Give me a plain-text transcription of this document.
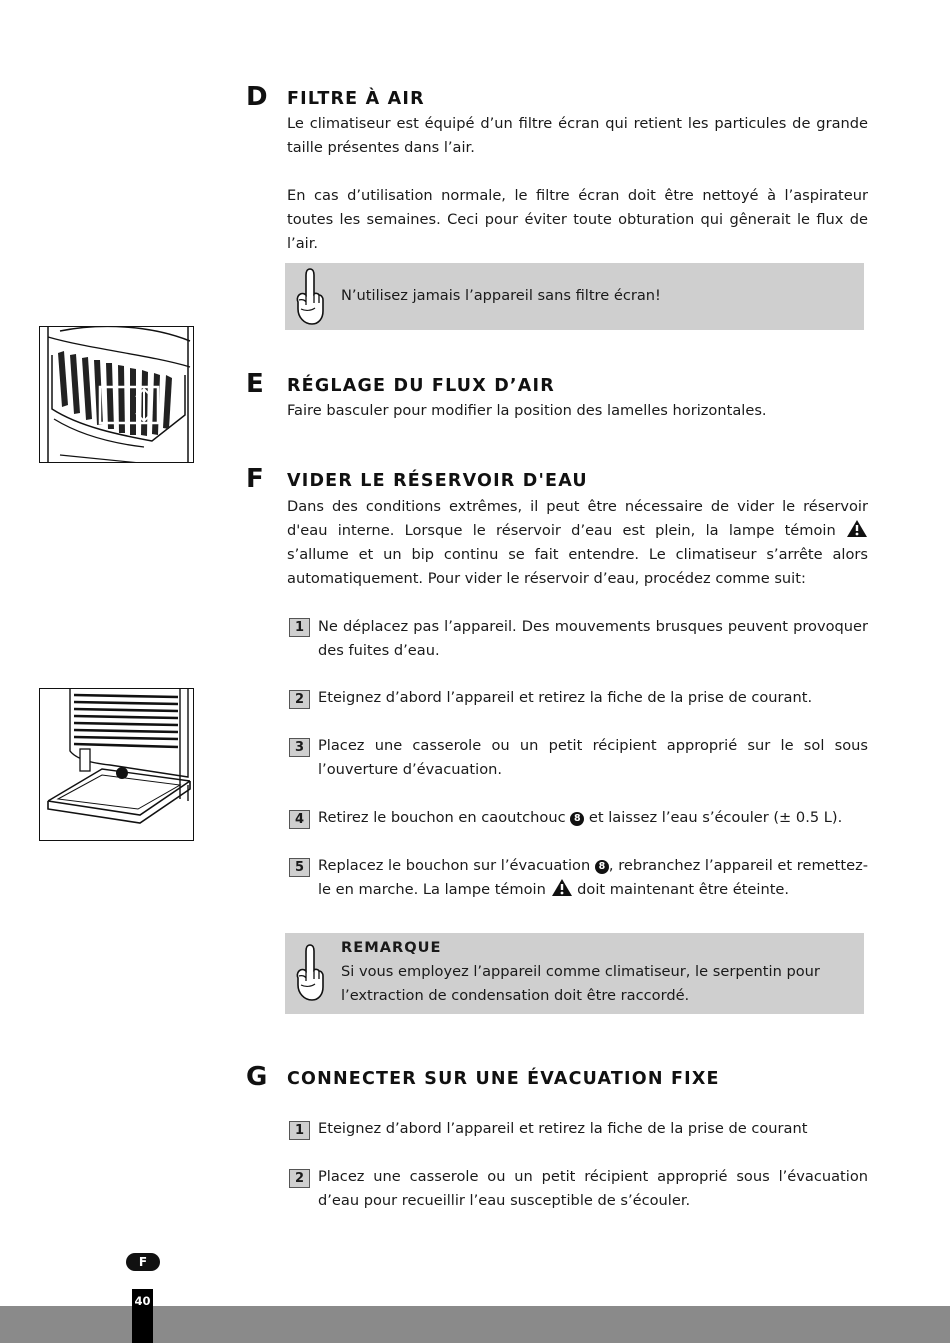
D FILTRE À AIR

Le climatiseur est équipé d’un filtre écran qui retient les particules de grande taille présentes dans l’air.

En cas d’utilisation normale, le filtre écran doit être nettoyé à l’aspirateur toutes les semaines. Ceci pour éviter toute obturation qui gênerait le flux de l’air.

N’utilisez jamais l’appareil sans filtre écran!
E RÉGLAGE DU FLUX D’AIR

Faire basculer pour modifier la position des lamelles horizontales.

F VIDER LE RÉSERVOIR D'EAU

Dans des conditions extrêmes, il peut être nécessaire de vider le réservoir d'eau interne. Lorsque le réservoir d’eau est plein, la lampe témoin  s’allume et un bip continu se fait entendre. Le climatiseur s’arrête alors automatiquement. Pour vider le réservoir d’eau, procédez comme suit:

1 Ne déplacez pas l’appareil. Des mouvements brusques peuvent provoquer des fuites d’eau.

2 Eteignez d’abord l’appareil et retirez la fiche de la prise de courant.

3 Placez une casserole ou un petit récipient approprié sur le sol sous l’ouverture d’évacuation.

4 Retirez le bouchon en caoutchouc 8 et laissez l’eau s’écouler (± 0.5 L).

5 Replacez le bouchon sur l’évacuation 8 , rebranchez l’appareil et remettez-le en marche. La lampe témoin  doit maintenant être éteinte.

REMARQUE
Si vous employez l’appareil comme climatiseur, le serpentin pour l’extraction de condensation doit être raccordé.
G CONNECTER SUR UNE ÉVACUATION FIXE
1 Eteignez d’abord l’appareil et retirez la fiche de la prise de courant

2 Placez une casserole ou un petit récipient approprié sous l’évacuation d’eau pour recueillir l’eau susceptible de s’écouler.

F
40
